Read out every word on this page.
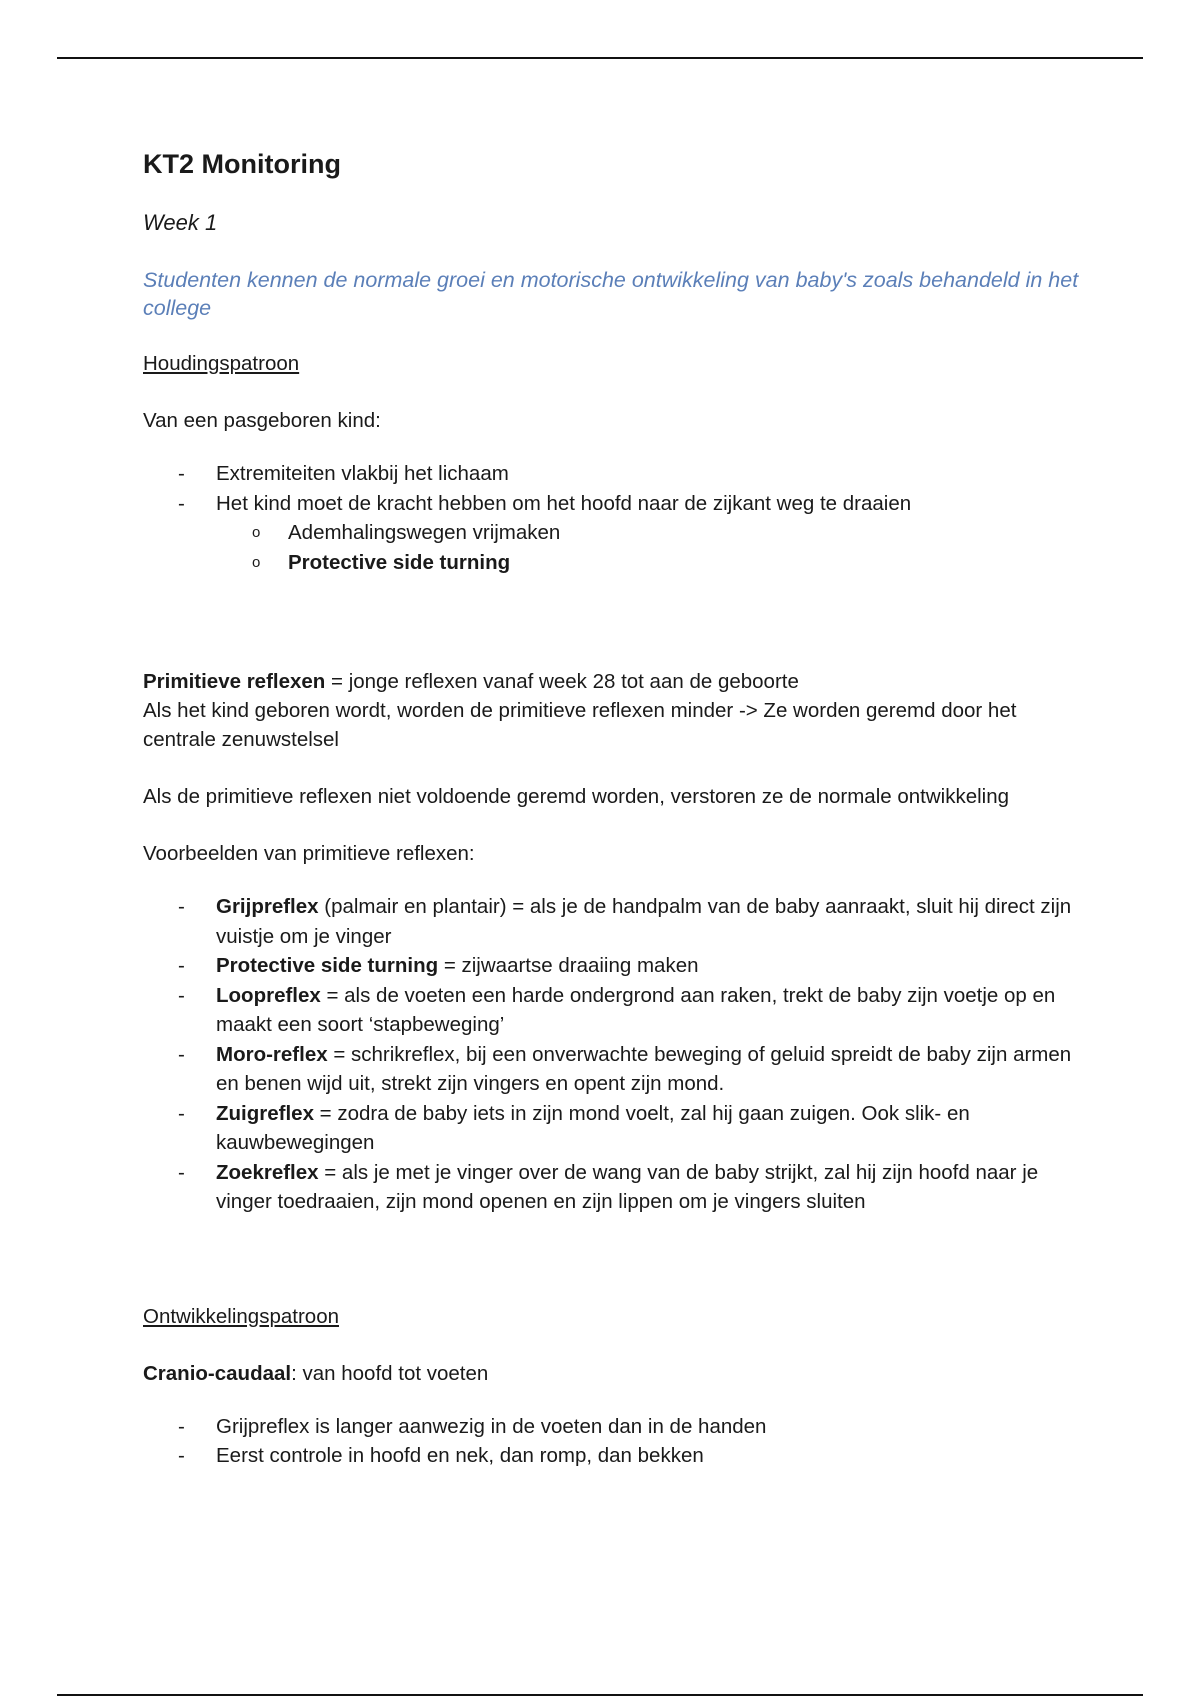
KT2 Monitoring
Week 1
Studenten kennen de normale groei en motorische ontwikkeling van baby's zoals behandeld in het college
Houdingspatroon

Van een pasgeboren kind:

- Extremiteiten vlakbij het lichaam
- Het kind moet de kracht hebben om het hoofd naar de zijkant weg te draaien
o Ademhalingswegen vrijmaken
o Protective side turning

Primitieve reflexen = jonge reflexen vanaf week 28 tot aan de geboorte

Als het kind geboren wordt, worden de primitieve reflexen minder -> Ze worden geremd door het centrale zenuwstelsel

Als de primitieve reflexen niet voldoende geremd worden, verstoren ze de normale ontwikkeling

Voorbeelden van primitieve reflexen:

- Grijpreflex (palmair en plantair) = als je de handpalm van de baby aanraakt, sluit hij direct zijn vuistje om je vinger
- Protective side turning = zijwaartse draaiing maken
- Loopreflex = als de voeten een harde ondergrond aan raken, trekt de baby zijn voetje op en maakt een soort ‘stapbeweging’
- Moro-reflex = schrikreflex, bij een onverwachte beweging of geluid spreidt de baby zijn armen en benen wijd uit, strekt zijn vingers en opent zijn mond.
- Zuigreflex = zodra de baby iets in zijn mond voelt, zal hij gaan zuigen. Ook slik- en kauwbewegingen
- Zoekreflex = als je met je vinger over de wang van de baby strijkt, zal hij zijn hoofd naar je vinger toedraaien, zijn mond openen en zijn lippen om je vingers sluiten
Ontwikkelingspatroon

Cranio-caudaal: van hoofd tot voeten

- Grijpreflex is langer aanwezig in de voeten dan in de handen
- Eerst controle in hoofd en nek, dan romp, dan bekken
